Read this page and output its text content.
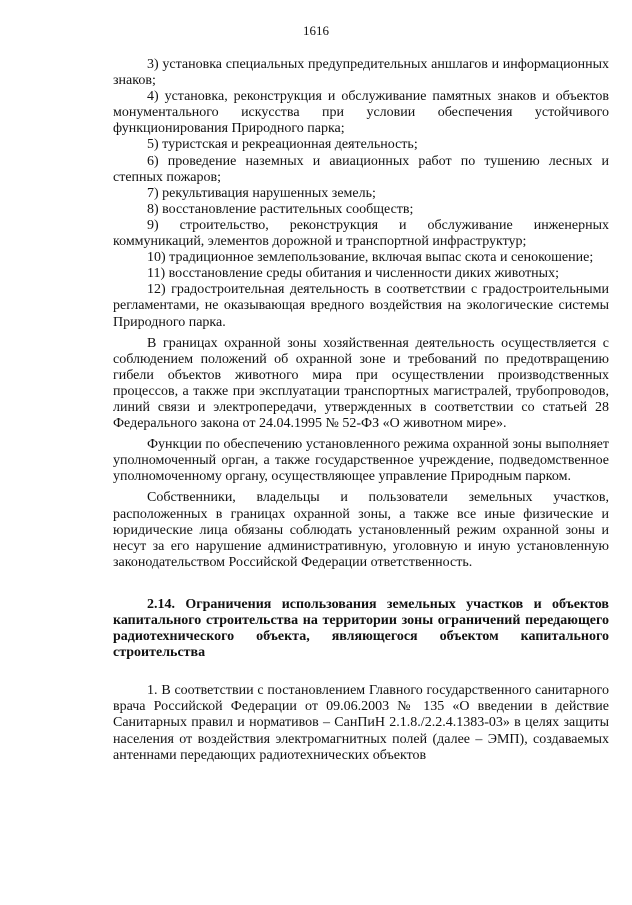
1616

3) установка специальных предупредительных аншлагов и информационных знаков;

4) установка, реконструкция и обслуживание памятных знаков и объектов монументального искусства при условии обеспечения устойчивого функционирования Природного парка;

5) туристская и рекреационная деятельность;

6) проведение наземных и авиационных работ по тушению лесных и степных пожаров;

7) рекультивация нарушенных земель;

8) восстановление растительных сообществ;

9) строительство, реконструкция и обслуживание инженерных коммуникаций, элементов дорожной и транспортной инфраструктур;

10) традиционное землепользование, включая выпас скота и сенокошение;

11) восстановление среды обитания и численности диких животных;

12) градостроительная деятельность в соответствии с градостроительными регламентами, не оказывающая вредного воздействия на экологические системы Природного парка.

В границах охранной зоны хозяйственная деятельность осуществляется с соблюдением положений об охранной зоне и требований по предотвращению гибели объектов животного мира при осуществлении производственных процессов, а также при эксплуатации транспортных магистралей, трубопроводов, линий связи и электропередачи, утвержденных в соответствии со статьей 28 Федерального закона от 24.04.1995 № 52-ФЗ «О животном мире».

Функции по обеспечению установленного режима охранной зоны выполняет уполномоченный орган, а также государственное учреждение, подведомственное уполномоченному органу, осуществляющее управление Природным парком.

Собственники, владельцы и пользователи земельных участков, расположенных в границах охранной зоны, а также все иные физические и юридические лица обязаны соблюдать установленный режим охранной зоны и несут за его нарушение административную, уголовную и иную установленную законодательством Российской Федерации ответственность.

2.14. Ограничения использования земельных участков и объектов капитального строительства на территории зоны ограничений передающего радиотехнического объекта, являющегося объектом капитального строительства

1. В соответствии с постановлением Главного государственного санитарного врача Российской Федерации от 09.06.2003 № 135 «О введении в действие Санитарных правил и нормативов – СанПиН 2.1.8./2.2.4.1383-03» в целях защиты населения от воздействия электромагнитных полей (далее – ЭМП), создаваемых антеннами передающих радиотехнических объектов
